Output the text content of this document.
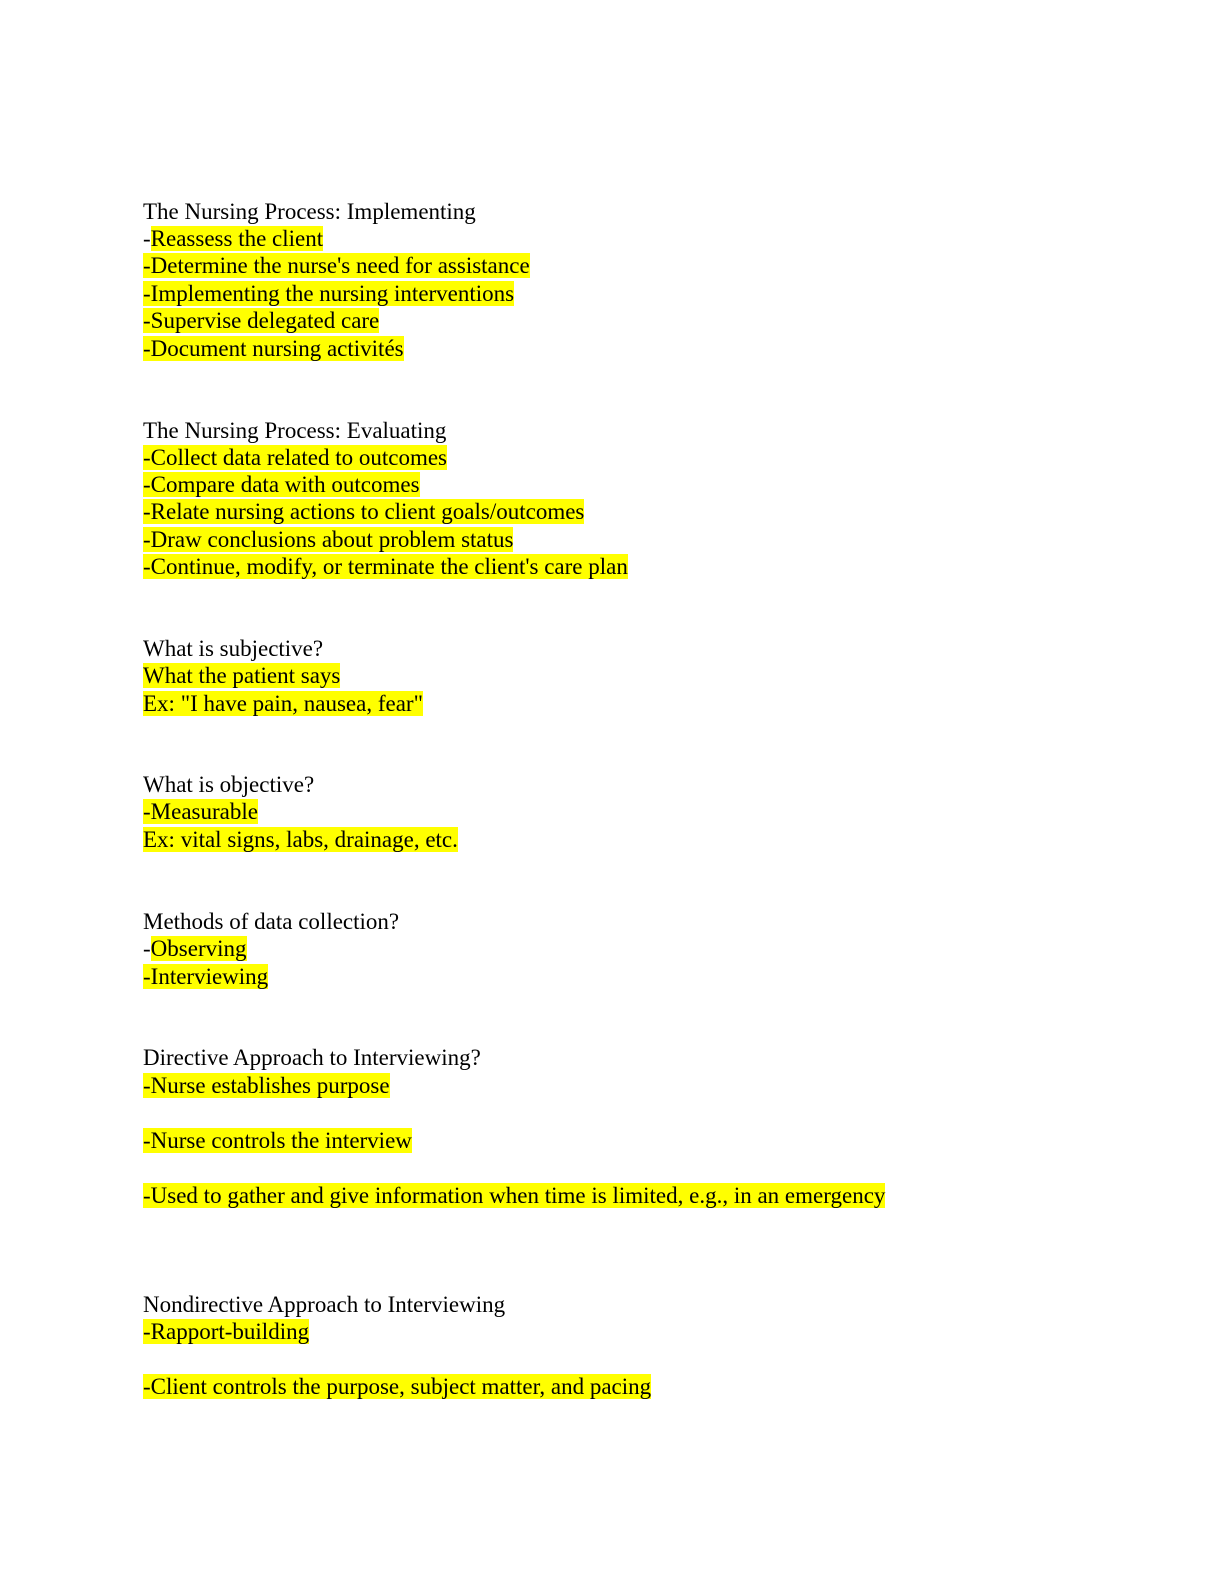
The Nursing Process: Implementing
-Reassess the client
-Determine the nurse's need for assistance
-Implementing the nursing interventions
-Supervise delegated care
-Document nursing activités
The Nursing Process: Evaluating
-Collect data related to outcomes
-Compare data with outcomes
-Relate nursing actions to client goals/outcomes
-Draw conclusions about problem status
-Continue, modify, or terminate the client's care plan
What is subjective?
What the patient says
Ex: "I have pain, nausea, fear"
What is objective?
-Measurable
Ex: vital signs, labs, drainage, etc.
Methods of data collection?
-Observing
-Interviewing
Directive Approach to Interviewing?
-Nurse establishes purpose
-Nurse controls the interview
-Used to gather and give information when time is limited, e.g., in an emergency
Nondirective Approach to Interviewing
-Rapport-building
-Client controls the purpose, subject matter, and pacing
